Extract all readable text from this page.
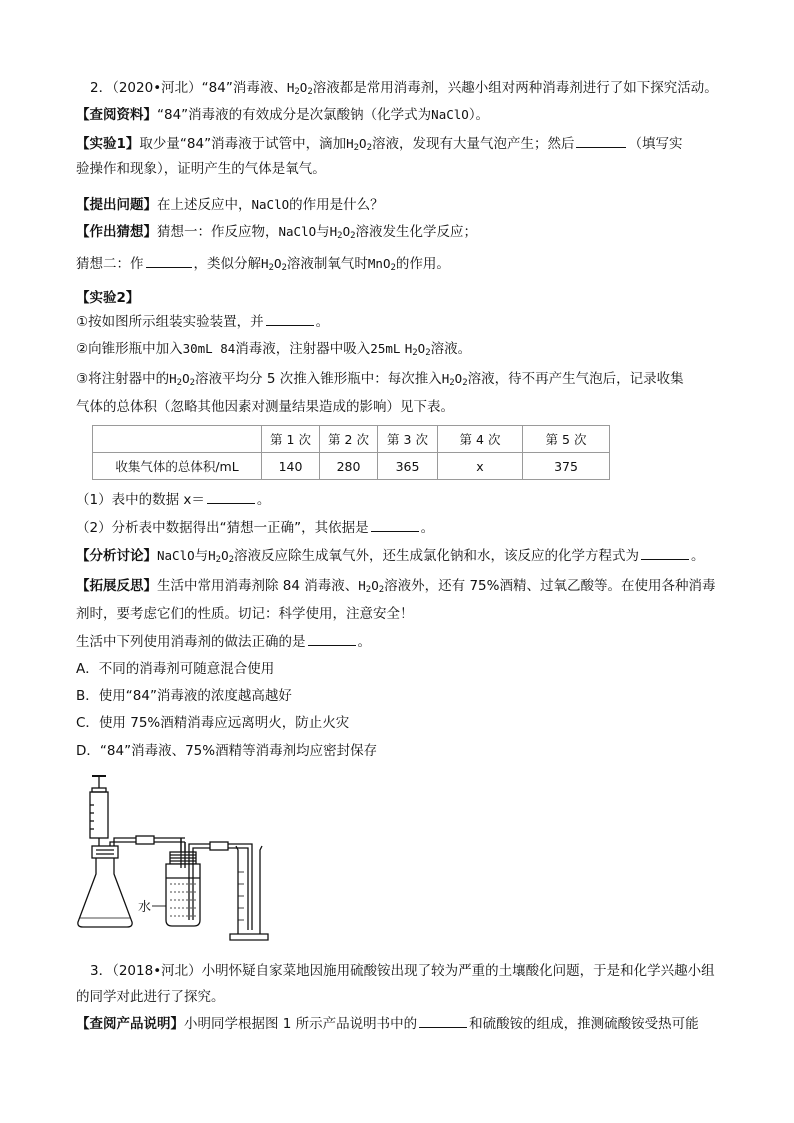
2．（2020•河北）“84”消毒液、$H_2O_2$溶液都是常用消毒剂，兴趣小组对两种消毒剂进行了如下探究活动。
【查阅资料】“84”消毒液的有效成分是次氯酸钠（化学式为NaClO）。
【实验1】取少量“84”消毒液于试管中，滴加$H_2O_2$溶液，发现有大量气泡产生；然后	（填写实
验操作和现象），证明产生的气体是氧气。
【提出问题】在上述反应中，NaClO的作用是什么？
【作出猜想】猜想一：作反应物，NaClO与$H_2O_2$溶液发生化学反应；
猜想二：作	，类似分解$H_2O_2$溶液制氧气时MnO$_2$的作用。
【实验2】
①按如图所示组装实验装置，并	。
②向锥形瓶中加入30mL 84消毒液，注射器中吸入25mL $H_2O_2$溶液。
③将注射器中的$H_2O_2$溶液平均分 5 次推入锥形瓶中：每次推入$H_2O_2$溶液，待不再产生气泡后，记录收集
气体的总体积（忽略其他因素对测量结果造成的影响）见下表。
	第 1 次	第 2 次	第 3 次	第 4 次	第 5 次
收集气体的总体积/mL	140	280	365	x	375
（1）表中的数据 x＝	。
（2）分析表中数据得出“猜想一正确”，其依据是	。
【分析讨论】NaClO与$H_2O_2$溶液反应除生成氧气外，还生成氯化钠和水，该反应的化学方程式为	。
【拓展反思】生活中常用消毒剂除 84 消毒液、$H_2O_2$溶液外，还有 75%酒精、过氧乙酸等。在使用各种消毒
剂时，要考虑它们的性质。切记：科学使用，注意安全！
生活中下列使用消毒剂的做法正确的是	。
A．不同的消毒剂可随意混合使用
B．使用“84”消毒液的浓度越高越好
C．使用 75%酒精消毒应远离明火，防止火灾
D．“84”消毒液、75%酒精等消毒剂均应密封保存
水
3．（2018•河北）小明怀疑自家菜地因施用硫酸铵出现了较为严重的土壤酸化问题，于是和化学兴趣小组
的同学对此进行了探究。
【查阅产品说明】小明同学根据图 1 所示产品说明书中的	和硫酸铵的组成，推测硫酸铵受热可能
